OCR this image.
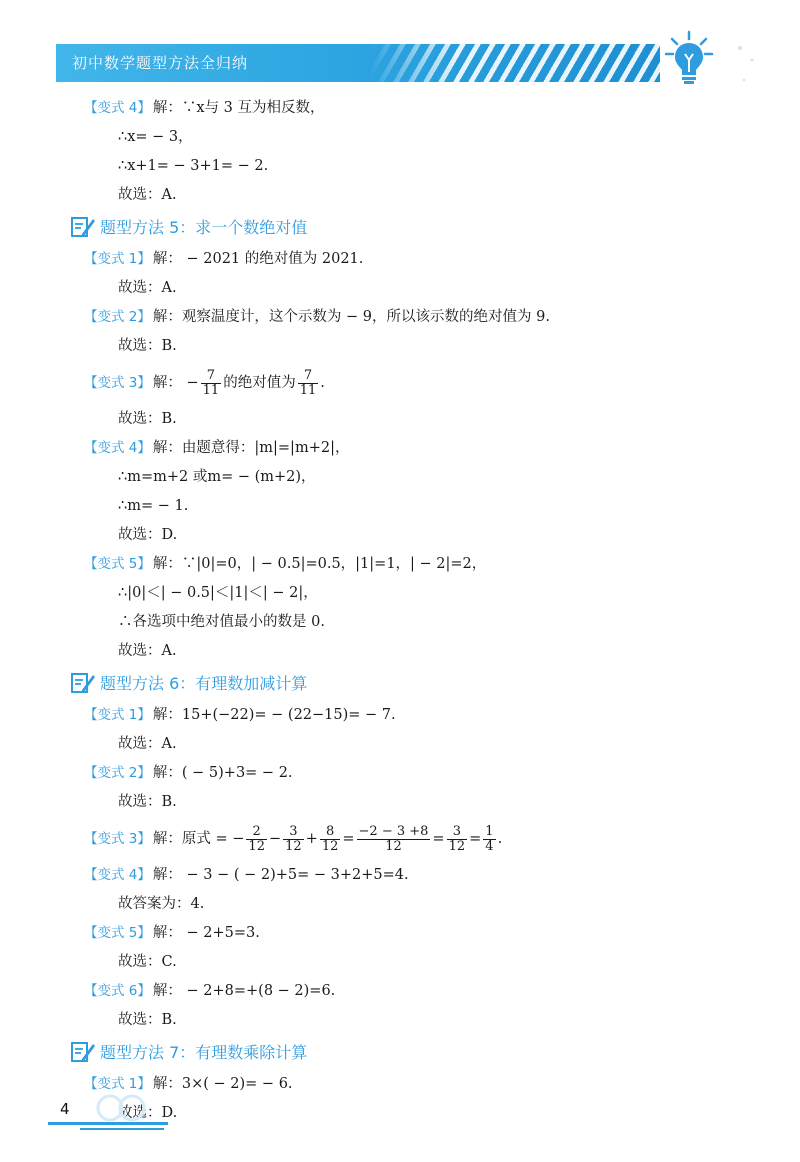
初中数学题型方法全归纳
【变式 4】 解：∵x与 3 互为相反数，
∴x= − 3，
∴x+1= − 3+1= − 2.
故选：A.
题型方法 5：求一个数绝对值
【变式 1】 解： − 2021 的绝对值为 2021.
故选：A.
【变式 2】 解：观察温度计，这个示数为 − 9，所以该示数的绝对值为 9.
故选：B.
【变式 3】 解： − $\frac{7}{11}$ 的绝对值为 $\frac{7}{11}$ .
故选：B.
【变式 4】 解：由题意得：|m|=|m+2|，
∴m=m+2 或m= − (m+2)，
∴m= − 1.
故选：D.
【变式 5】 解：∵|0|=0，| − 0.5|=0.5，|1|=1，| − 2|=2，
∴|0|＜| − 0.5|＜|1|＜| − 2|，
∴各选项中绝对值最小的数是 0.
故选：A.
题型方法 6：有理数加减计算
【变式 1】 解：15+(−22)= − (22−15)= − 7.
故选：A.
【变式 2】 解：( − 5)+3= − 2.
故选：B.
【变式 3】 解：原式 = − $\frac{2}{12} - \frac{3}{12} + \frac{8}{12} = \frac{-2 - 3 +8}{12} = \frac{3}{12} = \frac{1}{4}$ .
【变式 4】 解： − 3 − ( − 2)+5= − 3+2+5=4.
故答案为：4.
【变式 5】 解： − 2+5=3.
故选：C.
【变式 6】 解： − 2+8=+(8 − 2)=6.
故选：B.
题型方法 7：有理数乘除计算
【变式 1】 解：3×( − 2)= − 6.
故选：D.
4
